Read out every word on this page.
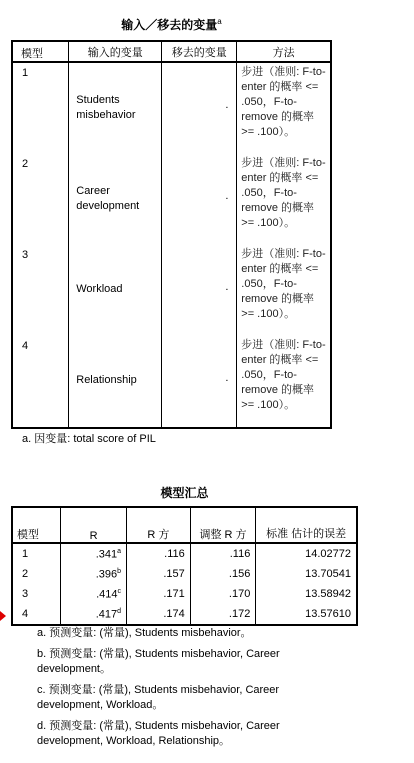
输入／移去的变量$^a$
模型	输入的变量	移去的变量	方法

1	Students misbehavior	.	步进（准则: F-to-enter 的概率 <= .050，F-to-remove 的概率 >= .100）。

2	Career development	.	步进（准则: F-to-enter 的概率 <= .050，F-to-remove 的概率 >= .100）。

3	Workload	.	步进（准则: F-to-enter 的概率 <= .050，F-to-remove 的概率 >= .100）。

4	Relationship	.	步进（准则: F-to-enter 的概率 <= .050，F-to-remove 的概率 >= .100）。
a. 因变量: total score of PIL
模型汇总
模型	R	R 方	调整 R 方	标准 估计的误差
1	.341$^a$	.116	.116	14.02772
2	.396$^b$	.157	.156	13.70541
3	.414$^c$	.171	.170	13.58942
4	.417$^d$	.174	.172	13.57610
a. 预测变量: (常量), Students misbehavior。
b. 预测变量: (常量), Students misbehavior, Career development。
c. 预测变量: (常量), Students misbehavior, Career development, Workload。
d. 预测变量: (常量), Students misbehavior, Career development, Workload, Relationship。
